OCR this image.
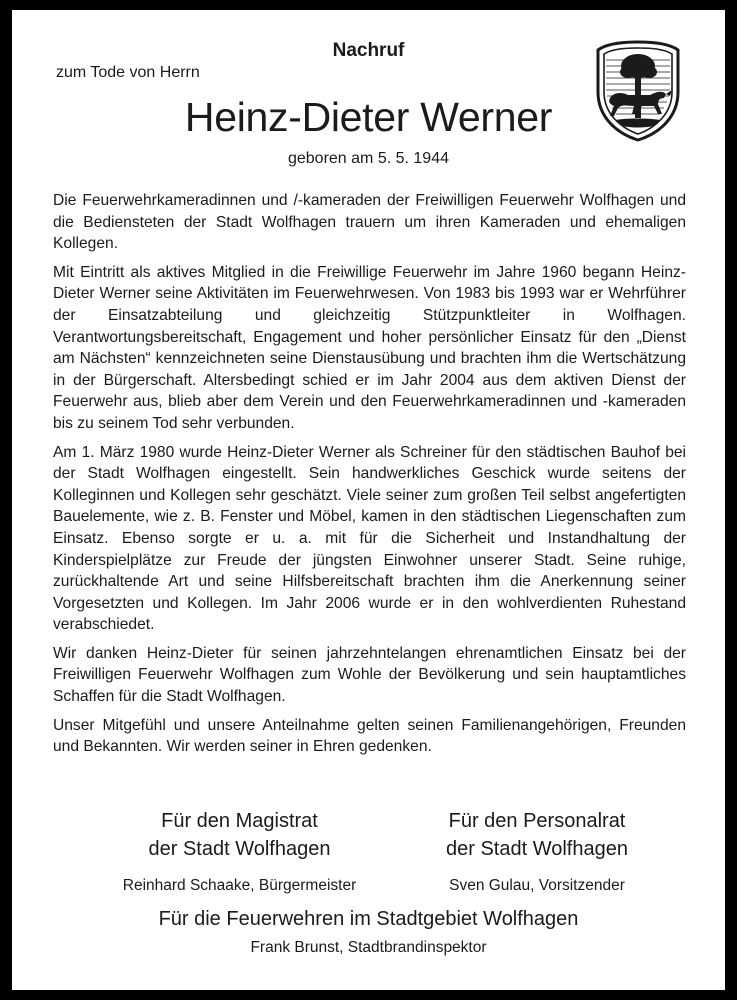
Nachruf
zum Tode von Herrn
Heinz-Dieter Werner
geboren am 5. 5. 1944

Die Feuerwehrkameradinnen und /-kameraden der Freiwilligen Feuerwehr Wolfhagen und die Bediensteten der Stadt Wolfhagen trauern um ihren Kameraden und ehemaligen Kollegen.

Mit Eintritt als aktives Mitglied in die Freiwillige Feuerwehr im Jahre 1960 begann Heinz-Dieter Werner seine Aktivitäten im Feuerwehrwesen. Von 1983 bis 1993 war er Wehrführer der Einsatzabteilung und gleichzeitig Stützpunktleiter in Wolfhagen. Verantwortungsbereitschaft, Engagement und hoher persönlicher Einsatz für den „Dienst am Nächsten“ kennzeichneten seine Dienstausübung und brachten ihm die Wertschätzung in der Bürgerschaft. Altersbedingt schied er im Jahr 2004 aus dem aktiven Dienst der Feuerwehr aus, blieb aber dem Verein und den Feuerwehrkameradinnen und -kameraden bis zu seinem Tod sehr verbunden.

Am 1. März 1980 wurde Heinz-Dieter Werner als Schreiner für den städtischen Bauhof bei der Stadt Wolfhagen eingestellt. Sein handwerkliches Geschick wurde seitens der Kolleginnen und Kollegen sehr geschätzt. Viele seiner zum großen Teil selbst angefertigten Bauelemente, wie z. B. Fenster und Möbel, kamen in den städtischen Liegenschaften zum Einsatz. Ebenso sorgte er u. a. mit für die Sicherheit und Instandhaltung der Kinderspielplätze zur Freude der jüngsten Einwohner unserer Stadt. Seine ruhige, zurückhaltende Art und seine Hilfsbereitschaft brachten ihm die Anerkennung seiner Vorgesetzten und Kollegen. Im Jahr 2006 wurde er in den wohlverdienten Ruhestand verabschiedet.

Wir danken Heinz-Dieter für seinen jahrzehntelangen ehrenamtlichen Einsatz bei der Freiwilligen Feuerwehr Wolfhagen zum Wohle der Bevölkerung und sein hauptamtliches Schaffen für die Stadt Wolfhagen.

Unser Mitgefühl und unsere Anteilnahme gelten seinen Familienangehörigen, Freunden und Bekannten. Wir werden seiner in Ehren gedenken.

Für den Magistrat
der Stadt Wolfhagen
Reinhard Schaake, Bürgermeister
Für den Personalrat
der Stadt Wolfhagen
Sven Gulau, Vorsitzender
Für die Feuerwehren im Stadtgebiet Wolfhagen
Frank Brunst, Stadtbrandinspektor
